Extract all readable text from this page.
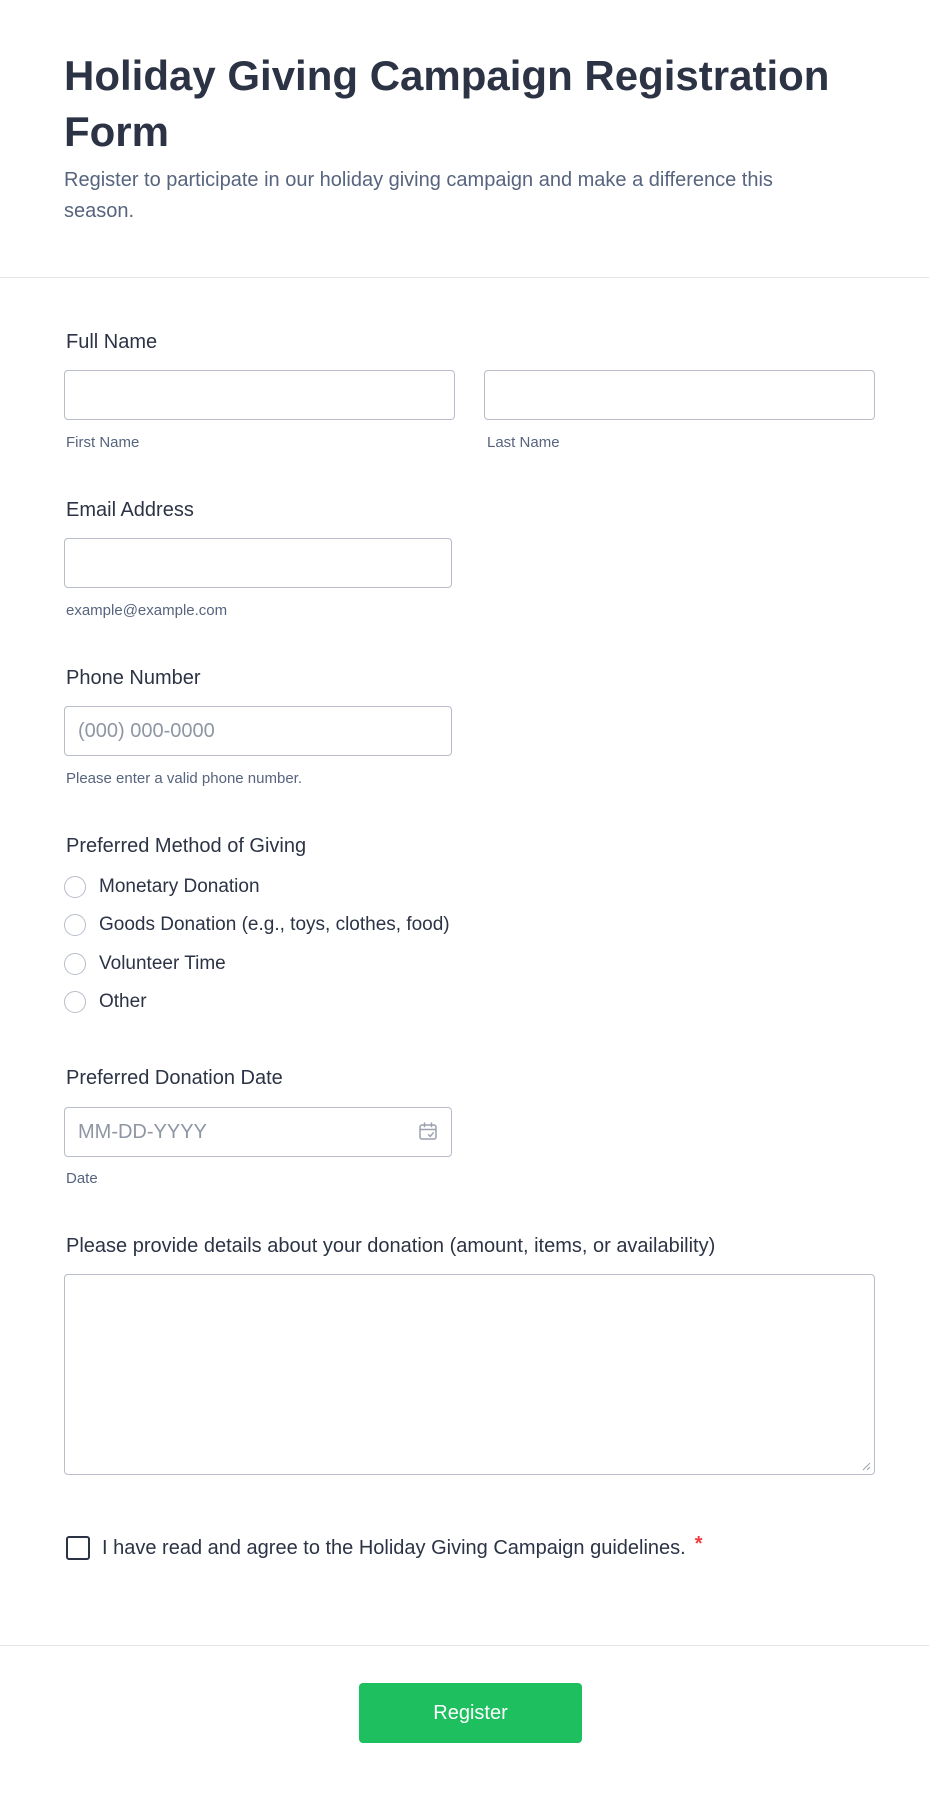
Holiday Giving Campaign Registration Form

Register to participate in our holiday giving campaign and make a difference this season.

Full Name
First Name	Last Name
Email Address
example@example.com
Phone Number
(000) 000-0000
Please enter a valid phone number.
Preferred Method of Giving
Monetary Donation
Goods Donation (e.g., toys, clothes, food)
Volunteer Time
Other
Preferred Donation Date
MM-DD-YYYY
Date
Please provide details about your donation (amount, items, or availability)
I have read and agree to the Holiday Giving Campaign guidelines. *
Register
